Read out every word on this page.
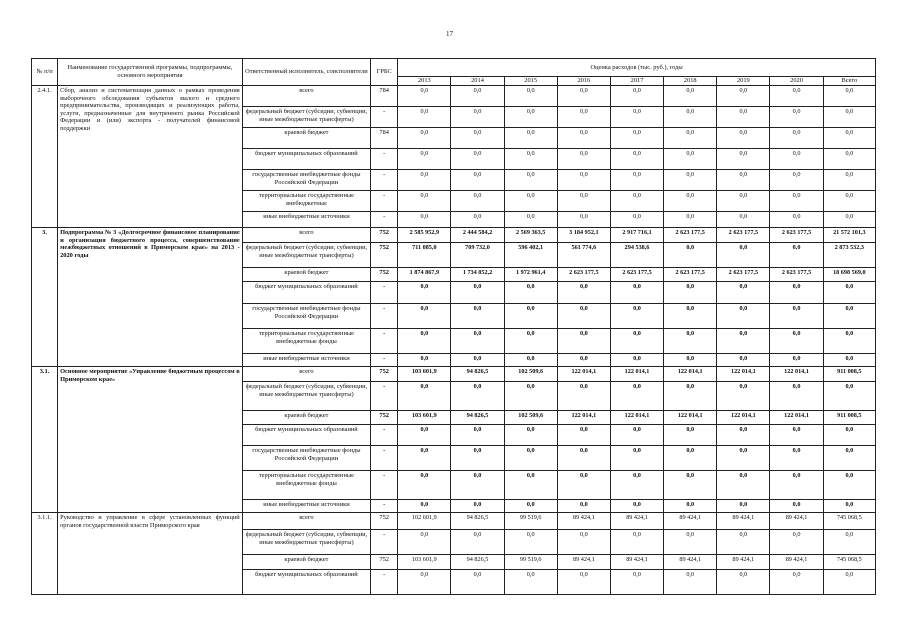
17
№ п/п	Наименование государственной программы, подпрограммы, основного мероприятия	Ответственный исполнитель, соисполнители	ГРБС	Оценка расходов (тыс. руб.), годы								
				2013	2014	2015	2016	2017	2018	2019	2020	Всего
2.4.1.	Сбор, анализ и систематизация данных о рамках проведения выборочного обследования субъектов малого и среднего предпринимательства, производящих и реализующих работы, услуги, предназначенные для внутреннего рынка Российской Федерации и (или) экспорта - получателей финансовой поддержки	всего	784	0,0	0,0	0,0	0,0	0,0	0,0	0,0	0,0	0,0
		федеральный бюджет (субсидии, субвенции, иные межбюджетные трансферты)	-	0,0	0,0	0,0	0,0	0,0	0,0	0,0	0,0	0,0
		краевой бюджет	784	0,0	0,0	0,0	0,0	0,0	0,0	0,0	0,0	0,0
		бюджет муниципальных образований	-	0,0	0,0	0,0	0,0	0,0	0,0	0,0	0,0	0,0
		государственные внебюджетные фонды Российской Федерации	-	0,0	0,0	0,0	0,0	0,0	0,0	0,0	0,0	0,0
		территориальные государственные внебюджетные	-	0,0	0,0	0,0	0,0	0,0	0,0	0,0	0,0	0,0
		иные внебюджетные источники	-	0,0	0,0	0,0	0,0	0,0	0,0	0,0	0,0	0,0
3.	Подпрограмма № 3 «Долгосрочное финансовое планирование и организация бюджетного процесса, совершенствование межбюджетных отношений в Приморском крае» на 2013 - 2020 годы	всего	752	2 585 952,9	2 444 584,2	2 569 363,5	3 184 952,1	2 917 716,1	2 623 177,5	2 623 177,5	2 623 177,5	21 572 101,3
		федеральный бюджет (субсидии, субвенции, иные межбюджетные трансферты)	752	711 085,0	709 732,0	596 402,1	561 774,6	294 538,6	0,0	0,0	0,0	2 873 532,3
		краевой бюджет	752	1 874 867,9	1 734 852,2	1 972 961,4	2 623 177,5	2 623 177,5	2 623 177,5	2 623 177,5	2 623 177,5	18 698 569,0
		бюджет муниципальных образований	-	0,0	0,0	0,0	0,0	0,0	0,0	0,0	0,0	0,0
		государственные внебюджетные фонды Российской Федерации	-	0,0	0,0	0,0	0,0	0,0	0,0	0,0	0,0	0,0
		территориальные государственные внебюджетные фонды	-	0,0	0,0	0,0	0,0	0,0	0,0	0,0	0,0	0,0
		иные внебюджетные источники	-	0,0	0,0	0,0	0,0	0,0	0,0	0,0	0,0	0,0
3.1.	Основное мероприятие «Управление бюджетным процессом в Приморском крае»	всего	752	103 601,9	94 826,5	102 509,6	122 014,1	122 014,1	122 014,1	122 014,1	122 014,1	911 008,5
		федеральный бюджет (субсидии, субвенции, иные межбюджетные трансферты)	-	0,0	0,0	0,0	0,0	0,0	0,0	0,0	0,0	0,0
		краевой бюджет	752	103 601,9	94 826,5	102 509,6	122 014,1	122 014,1	122 014,1	122 014,1	122 014,1	911 008,5
		бюджет муниципальных образований	-	0,0	0,0	0,0	0,0	0,0	0,0	0,0	0,0	0,0
		государственные внебюджетные фонды Российской Федерации	-	0,0	0,0	0,0	0,0	0,0	0,0	0,0	0,0	0,0
		территориальные государственные внебюджетные фонды	-	0,0	0,0	0,0	0,0	0,0	0,0	0,0	0,0	0,0
		иные внебюджетные источники	-	0,0	0,0	0,0	0,0	0,0	0,0	0,0	0,0	0,0
3.1.1.	Руководство и управление в сфере установленных функций органов государственной власти Приморского края	всего	752	102 601,9	94 826,5	99 519,6	89 424,1	89 424,1	89 424,1	89 424,1	89 424,1	745 068,5
		федеральный бюджет (субсидии, субвенции, иные межбюджетные трансферты)	-	0,0	0,0	0,0	0,0	0,0	0,0	0,0	0,0	0,0
		краевой бюджет	752	103 601,9	94 826,5	99 519,6	89 424,1	89 424,1	89 424,1	89 424,1	89 424,1	745 068,5
		бюджет муниципальных образований	-	0,0	0,0	0,0	0,0	0,0	0,0	0,0	0,0	0,0
